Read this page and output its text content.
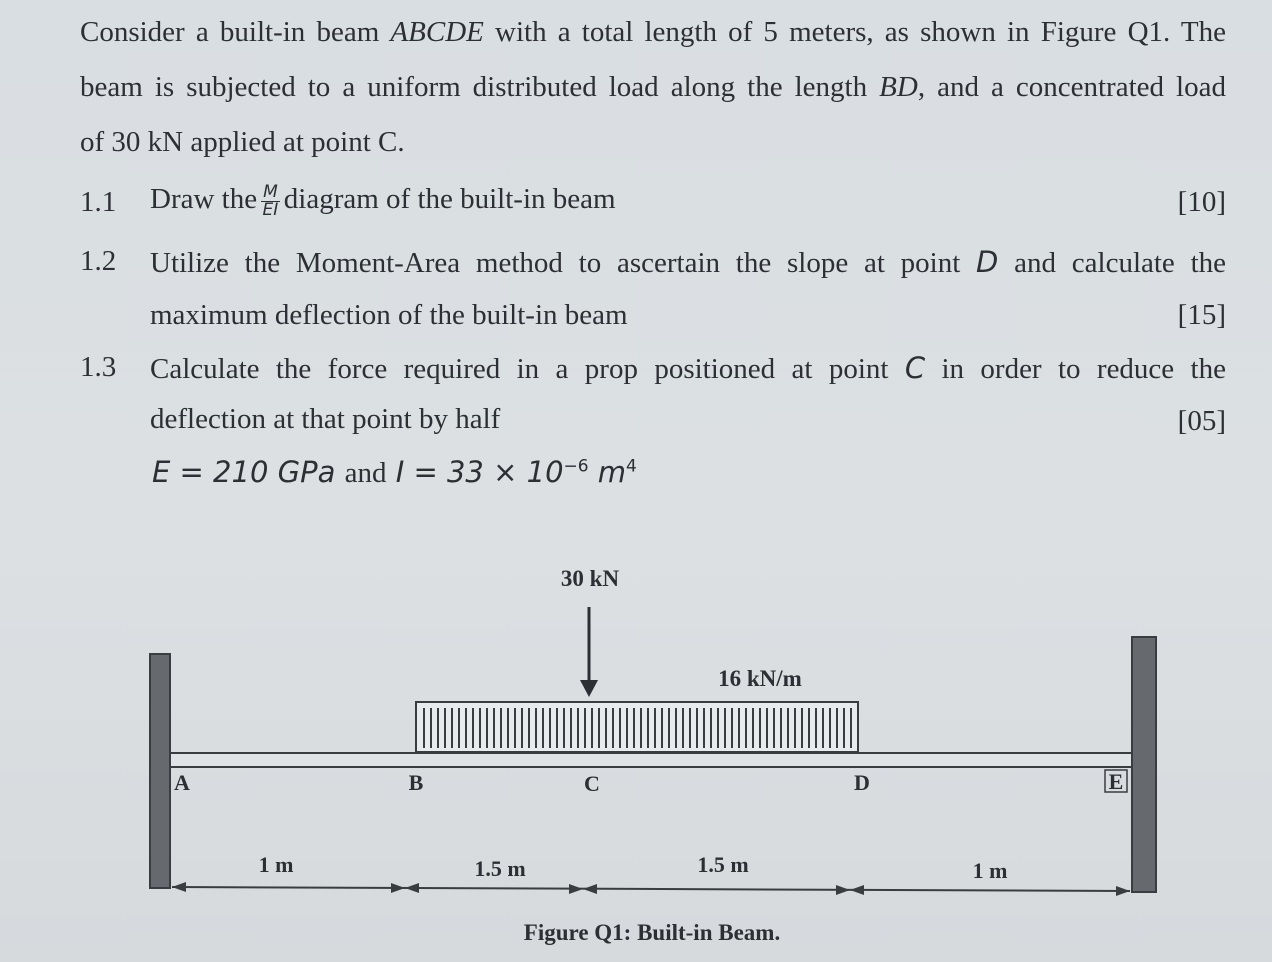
Consider a built-in beam ABCDE with a total length of 5 meters, as shown in Figure Q1. The
beam is subjected to a uniform distributed load along the length BD, and a concentrated load
of 30 kN applied at point C.
1.1 Draw the $\frac{M}{EI}$ diagram of the built-in beam	[10]
1.2 Utilize the Moment-Area method to ascertain the slope at point D and calculate the
maximum deflection of the built-in beam	[15]
1.3 Calculate the force required in a prop positioned at point C in order to reduce the
deflection at that point by half	[05]
E = 210 GPa and $I = 33 \times 10^{-6}$ $m^4$
30 kN
16 kN/m
A	B	C	D	E
1 m	1.5 m	1.5 m	1 m
Figure Q1: Built-in Beam.
